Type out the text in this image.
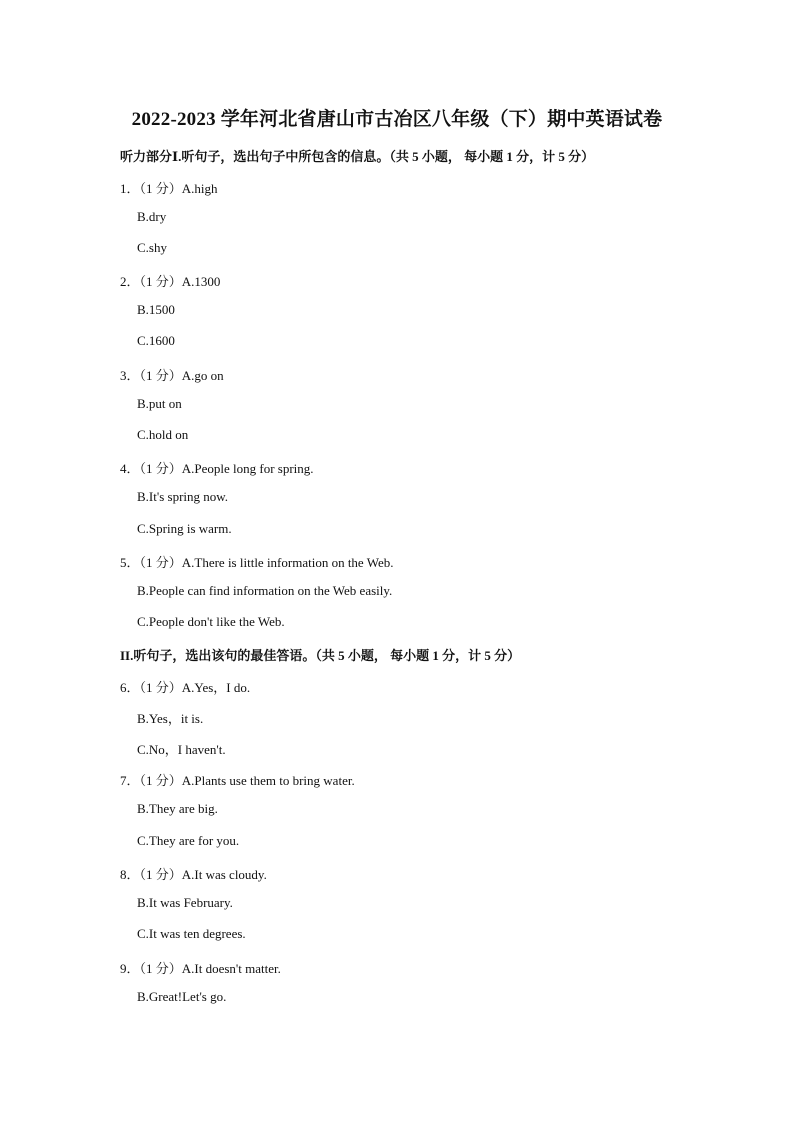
2022-2023 学年河北省唐山市古冶区八年级（下）期中英语试卷
听力部分Ⅰ.听句子，选出句子中所包含的信息。（共 5 小题， 每小题 1 分，计 5 分）
1．（1 分）A.high
B.dry
C.shy
2．（1 分）A.1300
B.1500
C.1600
3．（1 分）A.go on
B.put on
C.hold on
4．（1 分）A.People long for spring.
B.It's spring now.
C.Spring is warm.
5．（1 分）A.There is little information on the Web.
B.People can find information on the Web easily.
C.People don't like the Web.
II.听句子，选出该句的最佳答语。（共 5 小题， 每小题 1 分，计 5 分）
6．（1 分）A.Yes，I do.
B.Yes，it is.
C.No，I haven't.
7．（1 分）A.Plants use them to bring water.
B.They are big.
C.They are for you.
8．（1 分）A.It was cloudy.
B.It was February.
C.It was ten degrees.
9．（1 分）A.It doesn't matter.
B.Great!Let's go.
